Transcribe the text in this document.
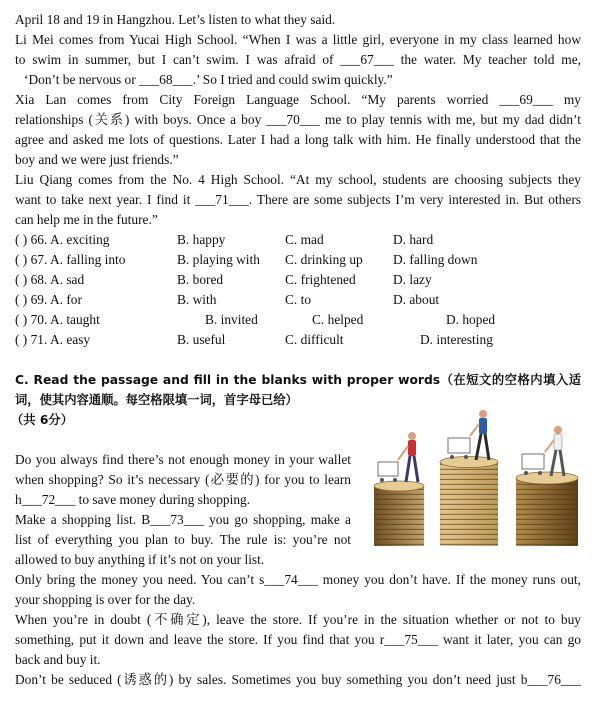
April 18 and 19 in Hangzhou. Let’s listen to what they said.
Li Mei comes from Yucai High School. “When I was a little girl, everyone in my class learned how
to swim in summer, but I can’t swim. I was afraid of ___67___ the water. My teacher told me,
‘Don’t be nervous or ___68___.’ So I tried and could swim quickly.”
Xia Lan comes from City Foreign Language School. “My parents worried ___69___ my
relationships (关系) with boys. Once a boy ___70___ me to play tennis with me, but my dad didn’t
agree and asked me lots of questions. Later I had a long talk with him. He finally understood that the
boy and we were just friends.”
Liu Qiang comes from the No. 4 High School. “At my school, students are choosing subjects they
want to take next year. I find it ___71___. There are some subjects I’m very interested in. But others
can help me in the future.”
( ) 66. A. exciting	B. happy	C. mad	D. hard
( ) 67. A. falling into	B. playing with C. drinking up D. falling down
( ) 68. A. sad	B. bored	C. frightened	D. lazy
( ) 69. A. for	B. with	C. to	D. about
( ) 70. A. taught	B. invited	C. helped	D. hoped
( ) 71. A. easy	B. useful	C. difficult	D. interesting
C. Read the passage and fill in the blanks with proper words（在短文的空格内填入适
词，使其内容通顺。每空格限填一词，首字母已给）
（共 6分）
Do you always find there’s not enough money in your wallet
when shopping? So it’s necessary (必要的) for you to learn
h___72___ to save money during shopping.
Make a shopping list. B___73___ you go shopping, make a
list of everything you plan to buy. The rule is: you’re not
allowed to buy anything if it’s not on your list.
Only bring the money you need. You can’t s___74___ money you don’t have. If the money runs out,
your shopping is over for the day.
When you’re in doubt (不确定), leave the store. If you’re in the situation whether or not to buy
something, put it down and leave the store. If you find that you r___75___ want it later, you can go
back and buy it.
Don’t be seduced (诱惑的) by sales. Sometimes you buy something you don’t need just b___76___
